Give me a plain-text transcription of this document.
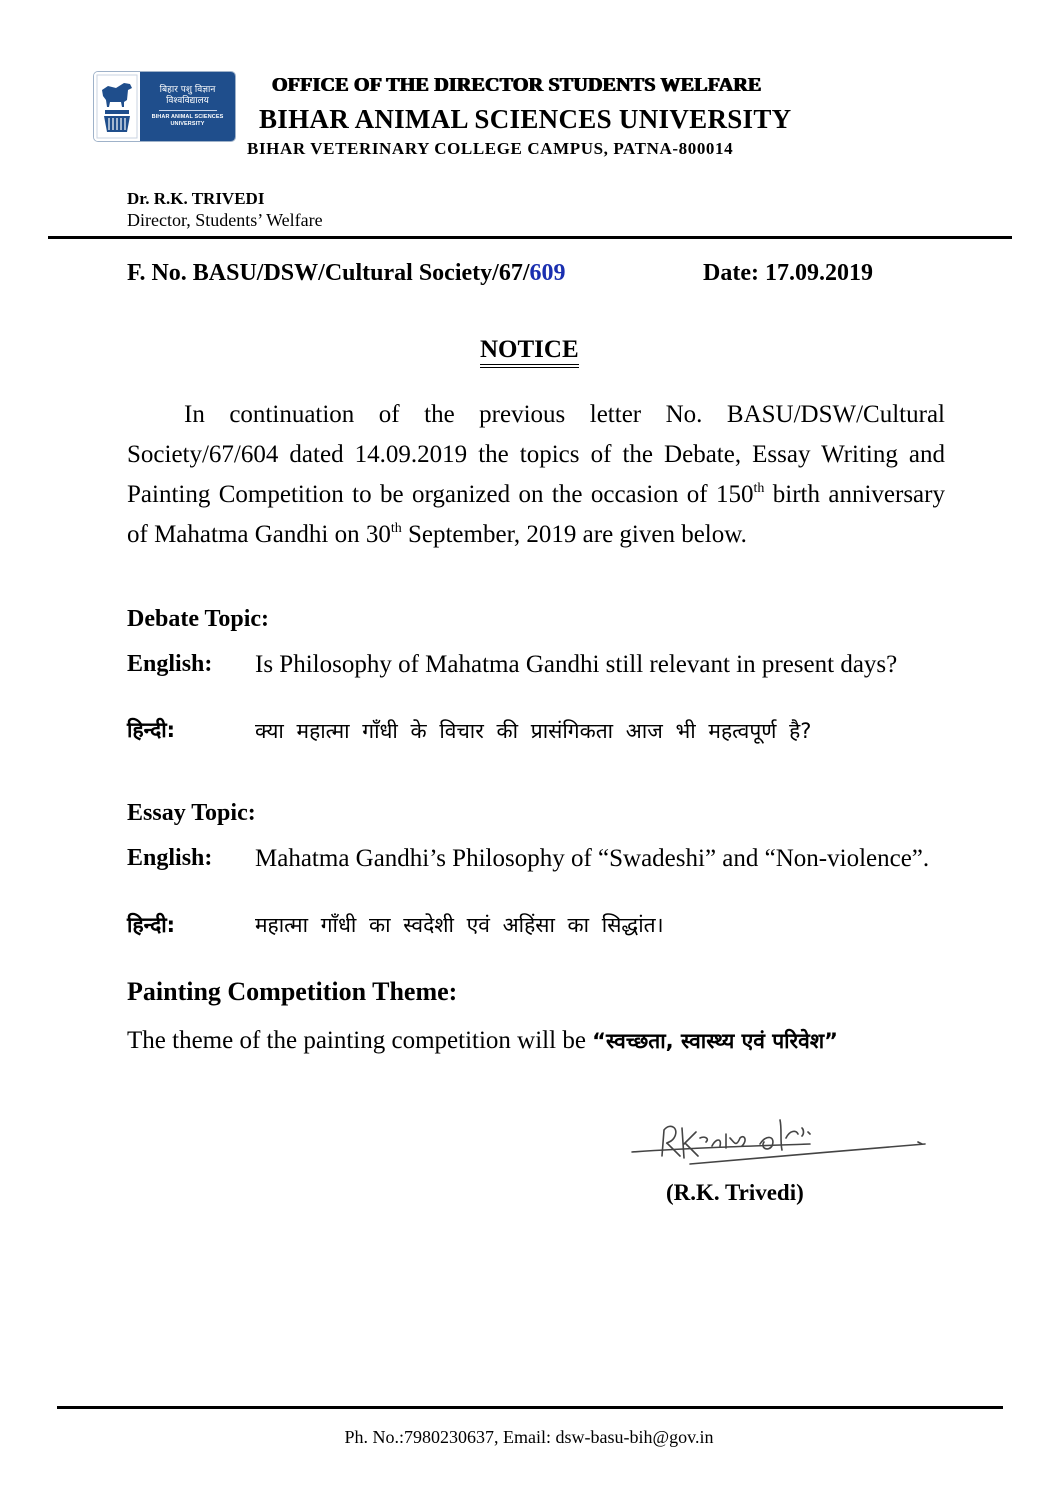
बिहार पशु विज्ञान विश्वविद्यालय
BIHAR ANIMAL SCIENCES
UNIVERSITY
OFFICE OF THE DIRECTOR STUDENTS WELFARE
BIHAR ANIMAL SCIENCES UNIVERSITY
BIHAR VETERINARY COLLEGE CAMPUS, PATNA-800014
Dr. R.K. TRIVEDI
Director, Students’ Welfare
F. No. BASU/DSW/Cultural Society/67/609	Date: 17.09.2019
NOTICE
In continuation of the previous letter No. BASU/DSW/Cultural Society/67/604 dated 14.09.2019 the topics of the Debate, Essay Writing and Painting Competition to be organized on the occasion of 150th birth anniversary of Mahatma Gandhi on 30th September, 2019 are given below.
Debate Topic:
English: Is Philosophy of Mahatma Gandhi still relevant in present days?
हिन्दी:	क्या महात्मा गाँधी के विचार की प्रासंगिकता आज भी महत्वपूर्ण है?
Essay Topic:
English: Mahatma Gandhi’s Philosophy of “Swadeshi” and “Non-violence”.
हिन्दी:	महात्मा गाँधी का स्वदेशी एवं अहिंसा का सिद्धांत।
Painting Competition Theme:
The theme of the painting competition will be “स्वच्छता, स्वास्थ्य एवं परिवेश”
(R.K. Trivedi)
Ph. No.:7980230637, Email: dsw-basu-bih@gov.in
